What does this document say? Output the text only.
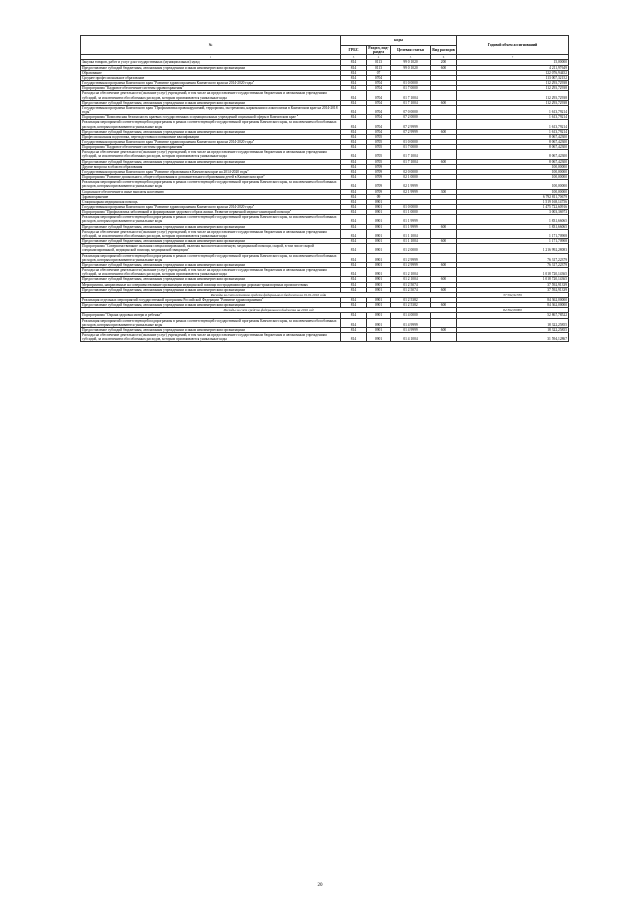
№	коды				Годовой объем ассигнований
	ГРБС	Раздел, под-раздел	Целевая статья	Вид расходов	
1	3	4	5	6	7
Закупка товаров, работ и услуг для государственных (муниципальных) нужд	814	0113	99 0 1020	200	15,00000
Предоставление субсидий бюджетным, автономным учреждениям и иным некоммерческим организациям	814	0113	99 0 1020	600	4 211,97649
Образование	814	07			122 076,94452
Среднее профессиональное образование	814	0704			113 007,32152
Государственная программа Камчатского края "Развитие здравоохранения Камчатского края на 2014-2020 годы"	814	0704	01 0 0000		112 293,72938
Подпрограмма "Кадровое обеспечение системы здравоохранения"	814	0704	01 7 0000		112 293,72938
Расходы на обеспечение деятельности (оказание услуг) учреждений, в том числе на предоставление государственным бюджетным и автономным учреждениям субсидий, за исключением обособленных расходов, которым присваиваются уникальные коды	814	0704	01 7 1004		112 293,72938
Предоставление субсидий бюджетным, автономным учреждениям и иным некоммерческим организациям	814	0704	01 7 1004	600	112 293,72938
Государственная программа Камчатского края "Профилактика правонарушений, терроризма, экстремизма, наркомании и алкоголизма в Камчатском крае на 2014-2018 годы"	814	0704	07 0 0000		1 613,79214
Подпрограмма "Комплексная безопасность краевых государственных и муниципальных учреждений социальной сферы в Камчатском крае "	814	0704	07 2 0000		1 613,79214
Реализация мероприятий соответствующей подпрограммы в рамках соответствующей государственной программы Камчатского края, за исключением обособленных расходов, которым присваиваются уникальные коды	814	0704	07 2 9999		1 613,79214
Предоставление субсидий бюджетным, автономным учреждениям и иным некоммерческим организациям	814	0704	07 2 9999	600	1 613,79214
Профессиональная подготовка, переподготовка и повышение квалификации	814	0705			8 067,42300
Государственная программа Камчатского края "Развитие здравоохранения Камчатского края на 2014-2020 годы"	814	0705	01 0 0000		8 067,42300
Подпрограмма "Кадровое обеспечение системы здравоохранения"	814	0705	01 7 0000		8 067,42300
Расходы на обеспечение деятельности (оказание услуг) учреждений, в том числе на предоставление государственным бюджетным и автономным учреждениям субсидий, за исключением обособленных расходов, которым присваиваются уникальные коды	814	0705	01 7 1004		8 067,42300
Предоставление субсидий бюджетным, автономным учреждениям и иным некоммерческим организациям	814	0705	01 7 1004	600	8 067,42300
Другие вопросы в области образования	814	0709			100,00000
Государственная программа Камчатского края "Развитие образования в Камчатском крае на 2014-2020 годы"	814	0709	02 0 0000		100,00000
Подпрограмма "Развитие дошкольного, общего образования и дополнительного образования детей в Камчатском крае"	814	0709	02 1 0000		100,00000
Реализация мероприятий соответствующей подпрограммы в рамках соответствующей государственной программы Камчатского края, за исключением обособленных расходов, которым присваиваются уникальные коды	814	0709	02 1 9999		100,00000
Социальное обеспечение и иные выплаты населению	814	0709	02 1 9999	300	100,00000
Здравоохранение	814	09			6 792 811,70679
Стационарная медицинская помощь	814	0901			1 519 168,14756
Государственная программа Камчатского края "Развитие здравоохранения Камчатского края на 2014-2020 годы"	814	0901	01 0 0000		1 475 722,60916
Подпрограмма "Профилактика заболеваний и формирование здорового образа жизни. Развитие первичной медико-санитарной помощи"	814	0901	01 1 0000		3 003,36973
Реализация мероприятий соответствующей подпрограммы в рамках соответствующей государственной программы Камчатского края, за исключением обособленных расходов, которым присваиваются уникальные коды	814	0901	01 1 9999		1 831,66065
Предоставление субсидий бюджетным, автономным учреждениям и иным некоммерческим организациям	814	0901	01 1 9999	600	1 831,66065
Расходы на обеспечение деятельности (оказание услуг) учреждений, в том числе на предоставление государственным бюджетным и автономным учреждениям субсидий, за исключением обособленных расходов, которым присваиваются уникальные коды	814	0901	01 1 1004		1 171,70908
Предоставление субсидий бюджетным, автономным учреждениям и иным некоммерческим организациям	814	0901	01 1 1004	600	1 171,70908
Подпрограмма "Совершенствование оказания специализированной, включая высокотехнологичную, медицинской помощи, скорой, в том числе скорой специализированной, медицинской помощи, медицинской эвакуации"	814	0901	01 2 0000		1 216 992,28083
Реализация мероприятий соответствующей подпрограммы в рамках соответствующей государственной программы Камчатского края, за исключением обособленных расходов, которым присваиваются уникальные коды	814	0901	01 2 9999		76 317,22379
Предоставление субсидий бюджетным, автономным учреждениям и иным некоммерческим организациям	814	0901	01 2 9999	600	76 317,22379
Расходы на обеспечение деятельности (оказание услуг) учреждений, в том числе на предоставление государственным бюджетным и автономным учреждениям субсидий, за исключением обособленных расходов, которым присваиваются уникальные коды	814	0901	01 2 1004		1 018 720,14365
Предоставление субсидий бюджетным, автономным учреждениям и иным некоммерческим организациям	814	0901	01 2 1004	600	1 018 720,14365
Мероприятия, направленные на совершенствование организации медицинской помощи пострадавшим при дорожно-транспортных происшествиях	814	0901	01 2 5074		37 592,91339
Предоставление субсидий бюджетным, автономным учреждениям и иным некоммерческим организациям	814	0901	01 2 5074	600	37 592,91339
Расходы за счет остатков средств федерального бюджета на 01.01.2016 года					37 592,91339
Реализация отдельных мероприятий государственной программы Российской Федерации "Развитие здравоохранения"	814	0901	01 2 5382		84 362,00000
Предоставление субсидий бюджетным, автономным учреждениям и иным некоммерческим организациям	814	0901	01 2 5382	600	84 362,00000
Расходы за счет средств федерального бюджета на 2016 год					84 362,00000
Подпрограмма "Охрана здоровья матери и ребенка"	814	0901	01 4 0000		52 867,78522
Реализация мероприятий соответствующей подпрограммы в рамках соответствующей государственной программы Камчатского края, за исключением обособленных расходов, которым присваиваются уникальные коды	814	0901	01 4 9999		18 322,25855
Предоставление субсидий бюджетным, автономным учреждениям и иным некоммерческим организациям	814	0901	01 4 9999	600	18 322,25855
Расходы на обеспечение деятельности (оказание услуг) учреждений, в том числе на предоставление государственным бюджетным и автономным учреждениям субсидий, за исключением обособленных расходов, которым присваиваются уникальные коды	814	0901	01 4 1004		31 594,12867
20
